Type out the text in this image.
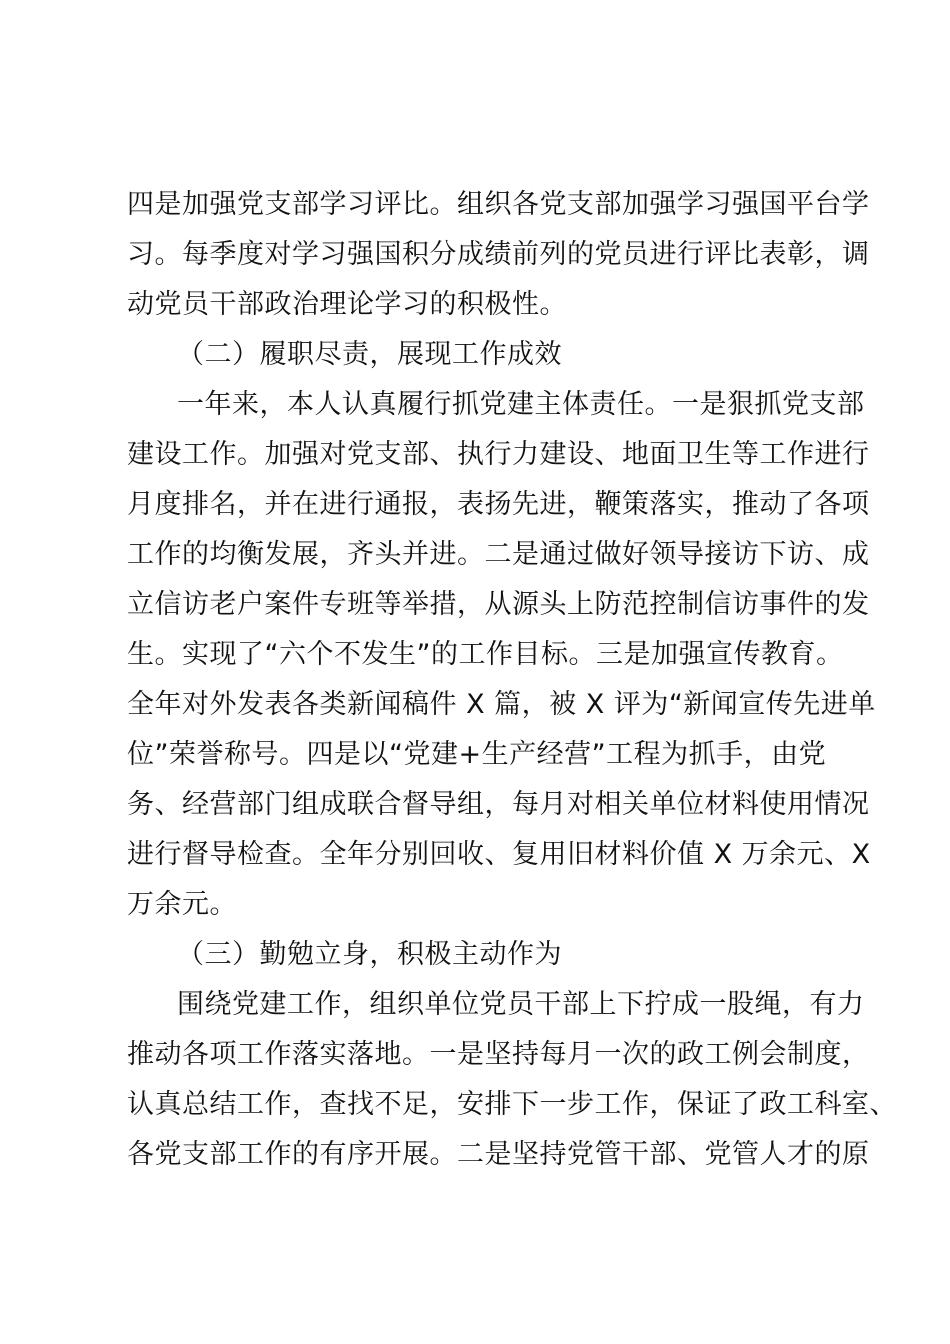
四是加强党支部学习评比。组织各党支部加强学习强国平台学
习。每季度对学习强国积分成绩前列的党员进行评比表彰，调
动党员干部政治理论学习的积极性。
（二）履职尽责，展现工作成效
一年来，本人认真履行抓党建主体责任。一是狠抓党支部
建设工作。加强对党支部、执行力建设、地面卫生等工作进行
月度排名，并在进行通报，表扬先进，鞭策落实，推动了各项
工作的均衡发展，齐头并进。二是通过做好领导接访下访、成
立信访老户案件专班等举措，从源头上防范控制信访事件的发
生。实现了“六个不发生”的工作目标。三是加强宣传教育。
全年对外发表各类新闻稿件 X 篇，被 X 评为“新闻宣传先进单
位”荣誉称号。四是以“党建+生产经营”工程为抓手，由党
务、经营部门组成联合督导组，每月对相关单位材料使用情况
进行督导检查。全年分别回收、复用旧材料价值 X 万余元、X
万余元。
（三）勤勉立身，积极主动作为
围绕党建工作，组织单位党员干部上下拧成一股绳，有力
推动各项工作落实落地。一是坚持每月一次的政工例会制度，
认真总结工作，查找不足，安排下一步工作，保证了政工科室、
各党支部工作的有序开展。二是坚持党管干部、党管人才的原
